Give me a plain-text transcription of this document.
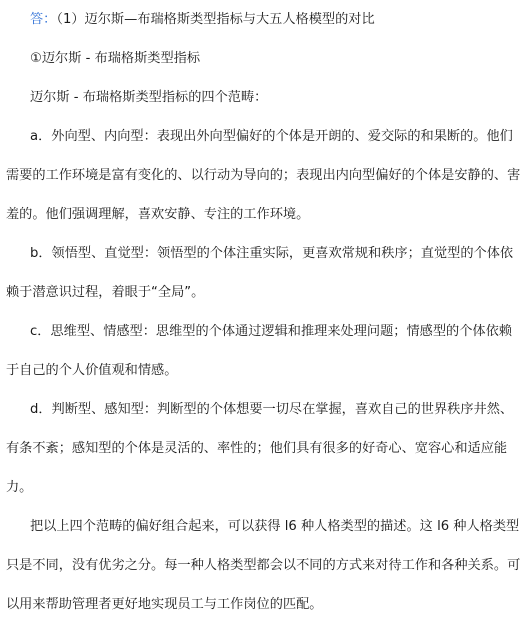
答：（1）迈尔斯—布瑞格斯类型指标与大五人格模型的对比

①迈尔斯 - 布瑞格斯类型指标

迈尔斯 - 布瑞格斯类型指标的四个范畴：

a．外向型、内向型：表现出外向型偏好的个体是开朗的、爱交际的和果断的。他们需要的工作环境是富有变化的、以行动为导向的；表现出内向型偏好的个体是安静的、害羞的。他们强调理解，喜欢安静、专注的工作环境。

b．领悟型、直觉型：领悟型的个体注重实际，更喜欢常规和秩序；直觉型的个体依赖于潜意识过程，着眼于“全局”。

c．思维型、情感型：思维型的个体通过逻辑和推理来处理问题；情感型的个体依赖于自己的个人价值观和情感。

d．判断型、感知型：判断型的个体想要一切尽在掌握，喜欢自己的世界秩序井然、有条不紊；感知型的个体是灵活的、率性的；他们具有很多的好奇心、宽容心和适应能力。

把以上四个范畴的偏好组合起来，可以获得 l6 种人格类型的描述。这 l6 种人格类型只是不同，没有优劣之分。每一种人格类型都会以不同的方式来对待工作和各种关系。可以用来帮助管理者更好地实现员工与工作岗位的匹配。
